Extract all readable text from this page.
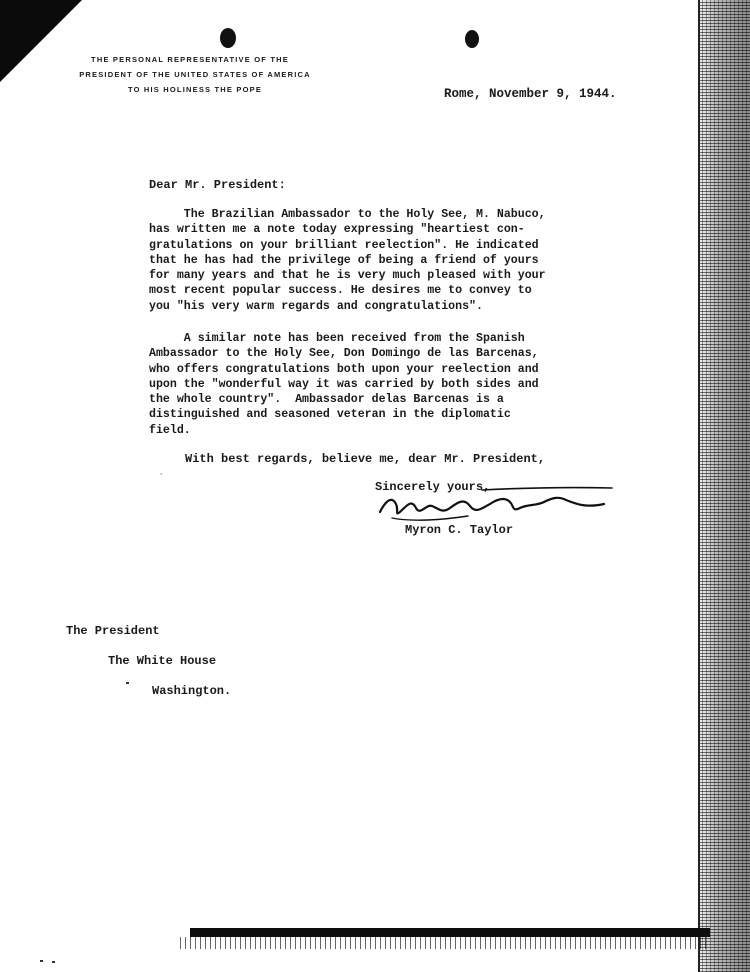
THE PERSONAL REPRESENTATIVE OF THE
PRESIDENT OF THE UNITED STATES OF AMERICA
TO HIS HOLINESS THE POPE	Rome, November 9, 1944.
Dear Mr. President:
The Brazilian Ambassador to the Holy See, M. Nabuco,
has written me a note today expressing "heartiest con-
gratulations on your brilliant reelection". He indicated
that he has had the privilege of being a friend of yours
for many years and that he is very much pleased with your
most recent popular success. He desires me to convey to
you "his very warm regards and congratulations".
A similar note has been received from the Spanish
Ambassador to the Holy See, Don Domingo de las Barcenas,
who offers congratulations both upon your reelection and
upon the "wonderful way it was carried by both sides and
the whole country".  Ambassador delas Barcenas is a
distinguished and seasoned veteran in the diplomatic
field.
With best regards, believe me, dear Mr. President,
ʿ
Sincerely yours,
Myron C. Taylor
The President
The White House
Washington.
